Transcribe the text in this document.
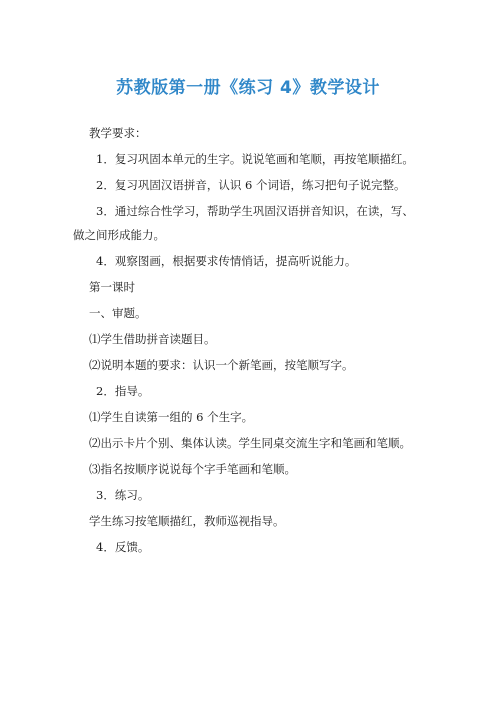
苏教版第一册《练习 4》教学设计

教学要求：

1．复习巩固本单元的生字。说说笔画和笔顺，再按笔顺描红。

2．复习巩固汉语拼音，认识 6 个词语，练习把句子说完整。

3．通过综合性学习，帮助学生巩固汉语拼音知识，在读，写、做之间形成能力。

4．观察图画，根据要求传情悄话，提高听说能力。

第一课时

一、审题。

⑴学生借助拼音读题目。

⑵说明本题的要求：认识一个新笔画，按笔顺写字。

2．指导。

⑴学生自读第一组的 6 个生字。

⑵出示卡片个别、集体认读。学生同桌交流生字和笔画和笔顺。

⑶指名按顺序说说每个字手笔画和笔顺。

3．练习。

学生练习按笔顺描红，教师巡视指导。

4．反馈。
